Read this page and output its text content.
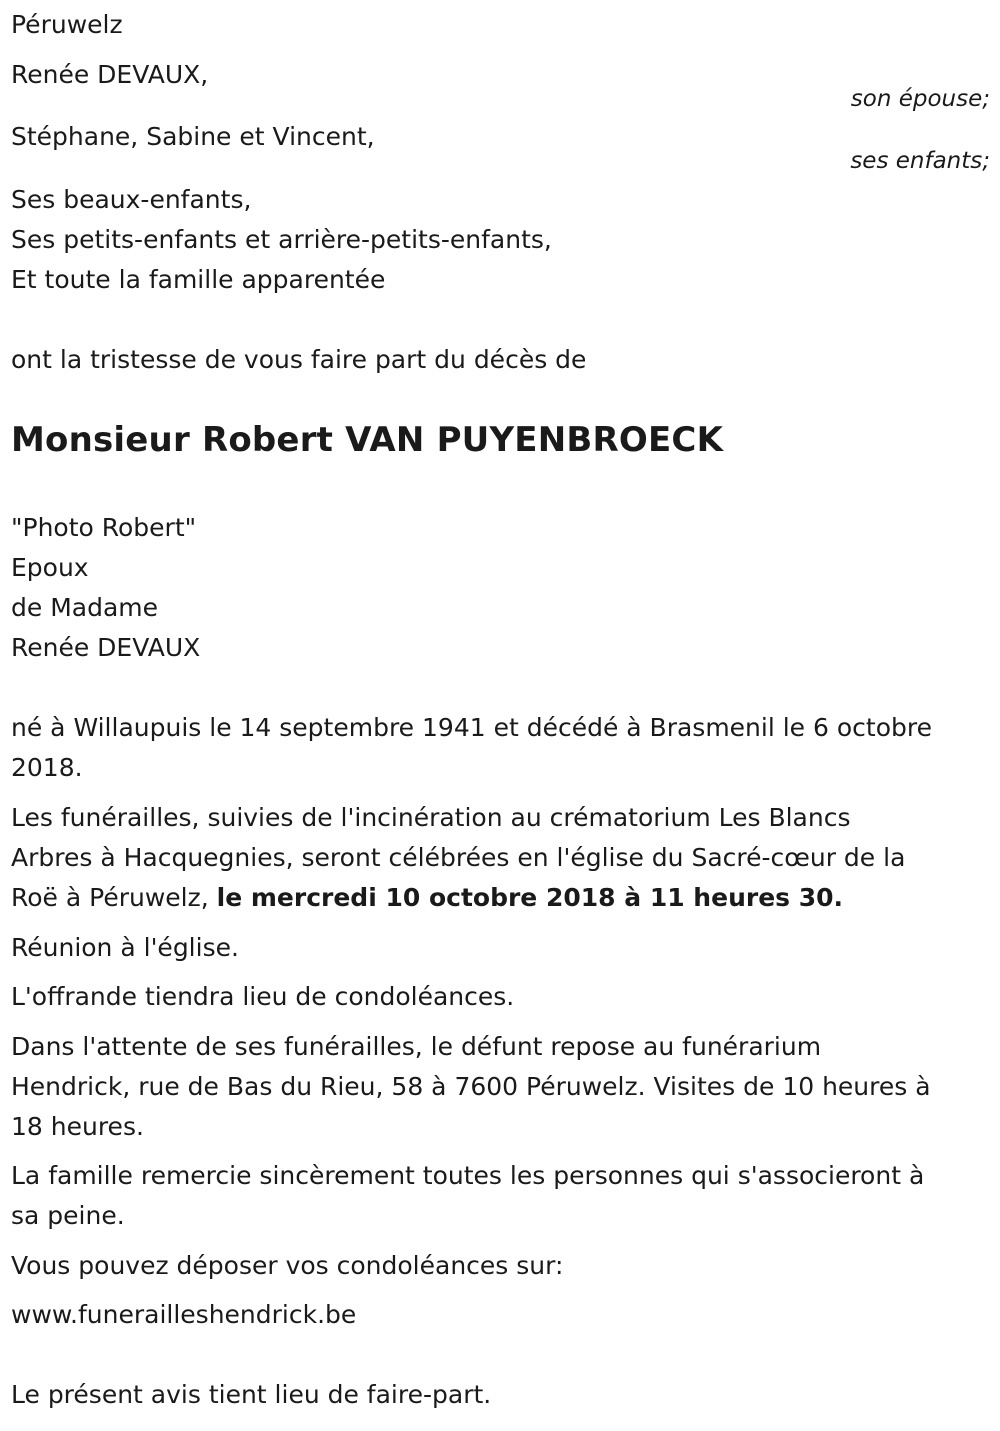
Péruwelz
Renée DEVAUX,
son épouse;
Stéphane, Sabine et Vincent,
ses enfants;
Ses beaux-enfants,
Ses petits-enfants et arrière-petits-enfants,
Et toute la famille apparentée
ont la tristesse de vous faire part du décès de
Monsieur Robert VAN PUYENBROECK
"Photo Robert"
Epoux
de Madame
Renée DEVAUX
né à Willaupuis le 14 septembre 1941 et décédé à Brasmenil le 6 octobre
2018.
Les funérailles, suivies de l'incinération au crématorium Les Blancs
Arbres à Hacquegnies, seront célébrées en l'église du Sacré-cœur de la
Roë à Péruwelz, le mercredi 10 octobre 2018 à 11 heures 30.
Réunion à l'église.
L'offrande tiendra lieu de condoléances.
Dans l'attente de ses funérailles, le défunt repose au funérarium
Hendrick, rue de Bas du Rieu, 58 à 7600 Péruwelz. Visites de 10 heures à
18 heures.
La famille remercie sincèrement toutes les personnes qui s'associeront à
sa peine.
Vous pouvez déposer vos condoléances sur:
www.funerailleshendrick.be
Le présent avis tient lieu de faire-part.
